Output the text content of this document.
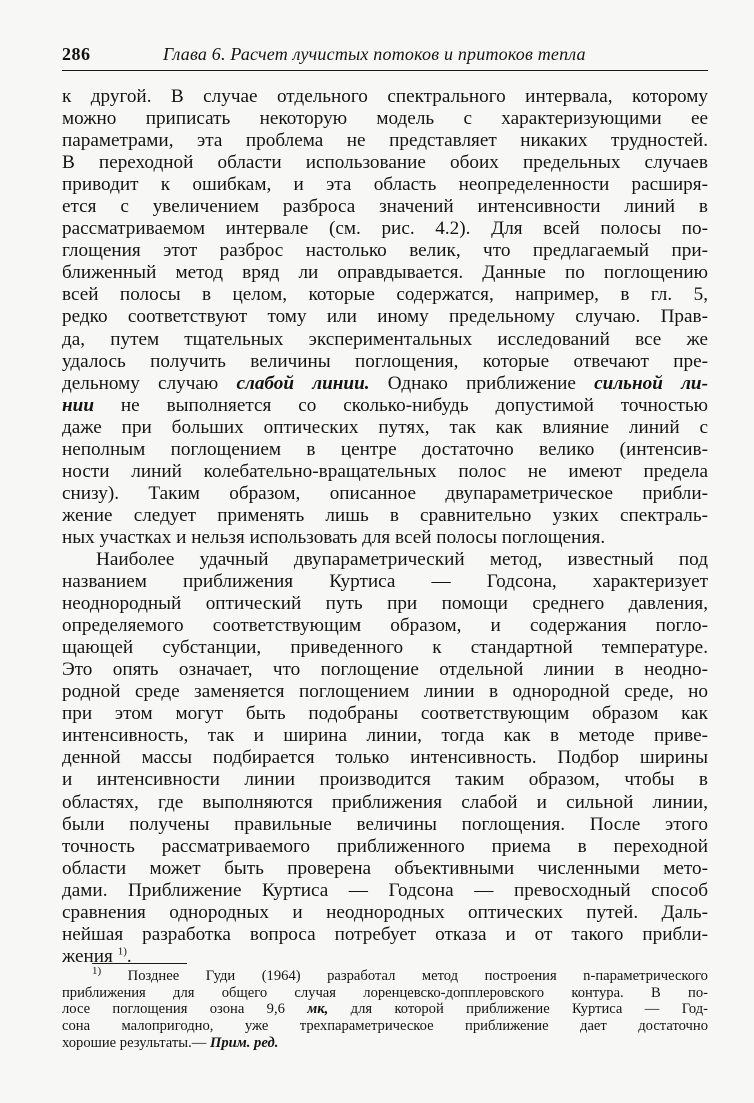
286	Глава 6. Расчет лучистых потоков и притоков тепла
к другой. В случае отдельного спектрального интервала, которому
можно приписать некоторую модель с характеризующими ее
параметрами, эта проблема не представляет никаких трудностей.
В переходной области использование обоих предельных случаев
приводит к ошибкам, и эта область неопределенности расширя-
ется с увеличением разброса значений интенсивности линий в
рассматриваемом интервале (см. рис. 4.2). Для всей полосы по-
глощения этот разброс настолько велик, что предлагаемый при-
ближенный метод вряд ли оправдывается. Данные по поглощению
всей полосы в целом, которые содержатся, например, в гл. 5,
редко соответствуют тому или иному предельному случаю. Прав-
да, путем тщательных экспериментальных исследований все же
удалось получить величины поглощения, которые отвечают пре-
дельному случаю слабой линии. Однако приближение сильной ли-
нии не выполняется со сколько-нибудь допустимой точностью
даже при больших оптических путях, так как влияние линий с
неполным поглощением в центре достаточно велико (интенсив-
ности линий колебательно-вращательных полос не имеют предела
снизу). Таким образом, описанное двупараметрическое прибли-
жение следует применять лишь в сравнительно узких спектраль-
ных участках и нельзя использовать для всей полосы поглощения.
Наиболее удачный двупараметрический метод, известный под
названием приближения Куртиса — Годсона, характеризует
неоднородный оптический путь при помощи среднего давления,
определяемого соответствующим образом, и содержания погло-
щающей субстанции, приведенного к стандартной температуре.
Это опять означает, что поглощение отдельной линии в неодно-
родной среде заменяется поглощением линии в однородной среде, но
при этом могут быть подобраны соответствующим образом как
интенсивность, так и ширина линии, тогда как в методе приве-
денной массы подбирается только интенсивность. Подбор ширины
и интенсивности линии производится таким образом, чтобы в
областях, где выполняются приближения слабой и сильной линии,
были получены правильные величины поглощения. После этого
точность рассматриваемого приближенного приема в переходной
области может быть проверена объективными численными мето-
дами. Приближение Куртиса — Годсона — превосходный способ
сравнения однородных и неоднородных оптических путей. Даль-
нейшая разработка вопроса потребует отказа и от такого прибли-
жения $^{1)}$.
$^{1)}$ Позднее Гуди (1964) разработал метод построения n-параметрического
приближения для общего случая лоренцевско-допплеровского контура. В по-
лосе поглощения озона 9,6 мк, для которой приближение Куртиса — Год-
сона малопригодно, уже трехпараметрическое приближение дает достаточно
хорошие результаты.— Прим. ред.
